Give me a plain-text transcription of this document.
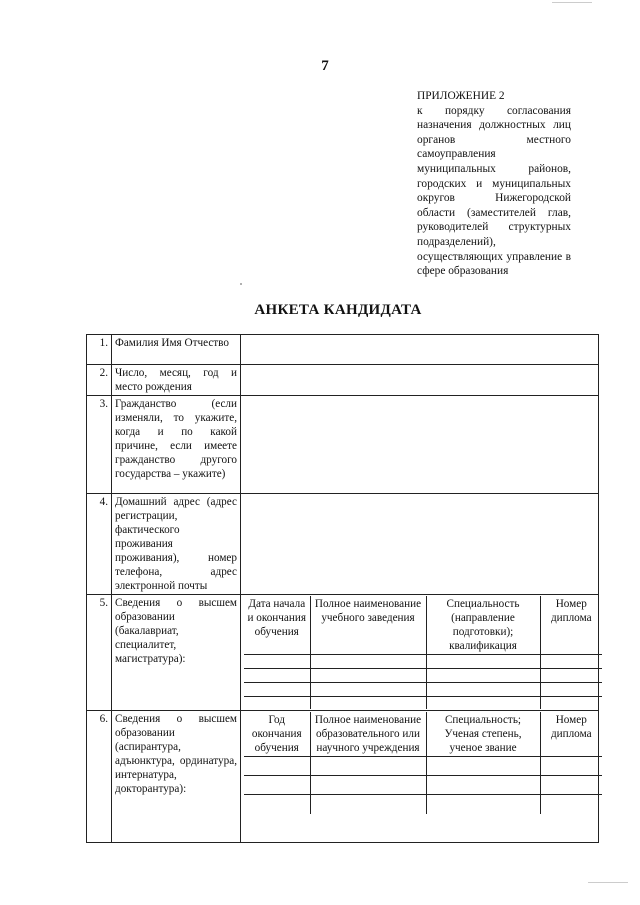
7
ПРИЛОЖЕНИЕ 2
к порядку согласования назначения должностных лиц органов местного самоуправления муниципальных районов, городских и муниципальных округов Нижегородской области (заместителей глав, руководителей структурных подразделений), осуществляющих управление в сфере образования
АНКЕТА КАНДИДАТА
1.	Фамилия Имя Отчество	
2.	Число, месяц, год и место рождения	
3.	Гражданство (если изменяли, то укажите, когда и по какой причине, если имеете гражданство другого государства – укажите)	
4.	Домашний адрес (адрес регистрации, фактического проживания проживания), номер телефона, адрес электронной почты	
5.	Сведения о высшем образовании (бакалавриат, специалитет, магистратура):	
Дата начала и окончания обучения	Полное наименование учебного заведения	Специальность (направление подготовки); квалификация	Номер диплома

6.	Сведения о высшем образовании (аспирантура, адъюнктура, ординатура, интернатура, докторантура):	
Год окончания обучения	Полное наименование образовательного или научного учреждения	Специальность; Ученая степень, ученое звание	Номер диплома
